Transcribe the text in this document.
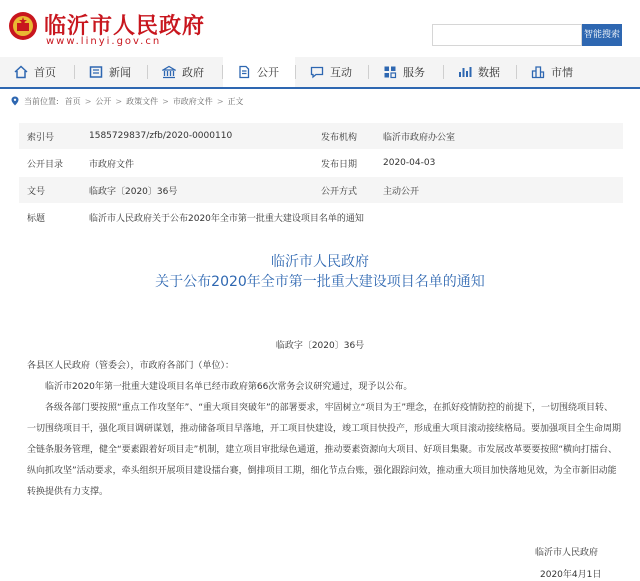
临沂市人民政府
www.linyi.gov.cn
智能搜索
首页	新闻	政府	公开	互动	服务	数据	市情
当前位置: 首页 > 公开 > 政策文件 > 市政府文件 > 正文
索引号	1585729837/zfb/2020-0000110	发布机构	临沂市政府办公室
公开目录	市政府文件	发布日期	2020-04-03
文号	临政字〔2020〕36号	公开方式	主动公开
标题	临沂市人民政府关于公布2020年全市第一批重大建设项目名单的通知		
临沂市人民政府
关于公布2020年全市第一批重大建设项目名单的通知
临政字〔2020〕36号
各县区人民政府（管委会），市政府各部门（单位）：
临沂市2020年第一批重大建设项目名单已经市政府第66次常务会议研究通过，现予以公布。
各级各部门要按照“重点工作攻坚年”、“重大项目突破年”的部署要求，牢固树立“项目为王”理念，在抓好疫情防控的前提下，一切围绕项目转、一切围绕项目干，强化项目调研谋划，推动储备项目早落地，开工项目快建设，竣工项目快投产，形成重大项目滚动接续格局。要加强项目全生命周期全链条服务管理，健全“要素跟着好项目走”机制，建立项目审批绿色通道，推动要素资源向大项目、好项目集聚。市发展改革要要按照“横向打擂台、纵向抓攻坚”活动要求，牵头组织开展项目建设擂台赛，倒排项目工期，细化节点台账，强化跟踪问效，推动重大项目加快落地见效，为全市新旧动能转换提供有力支撑。
临沂市人民政府
2020年4月1日
